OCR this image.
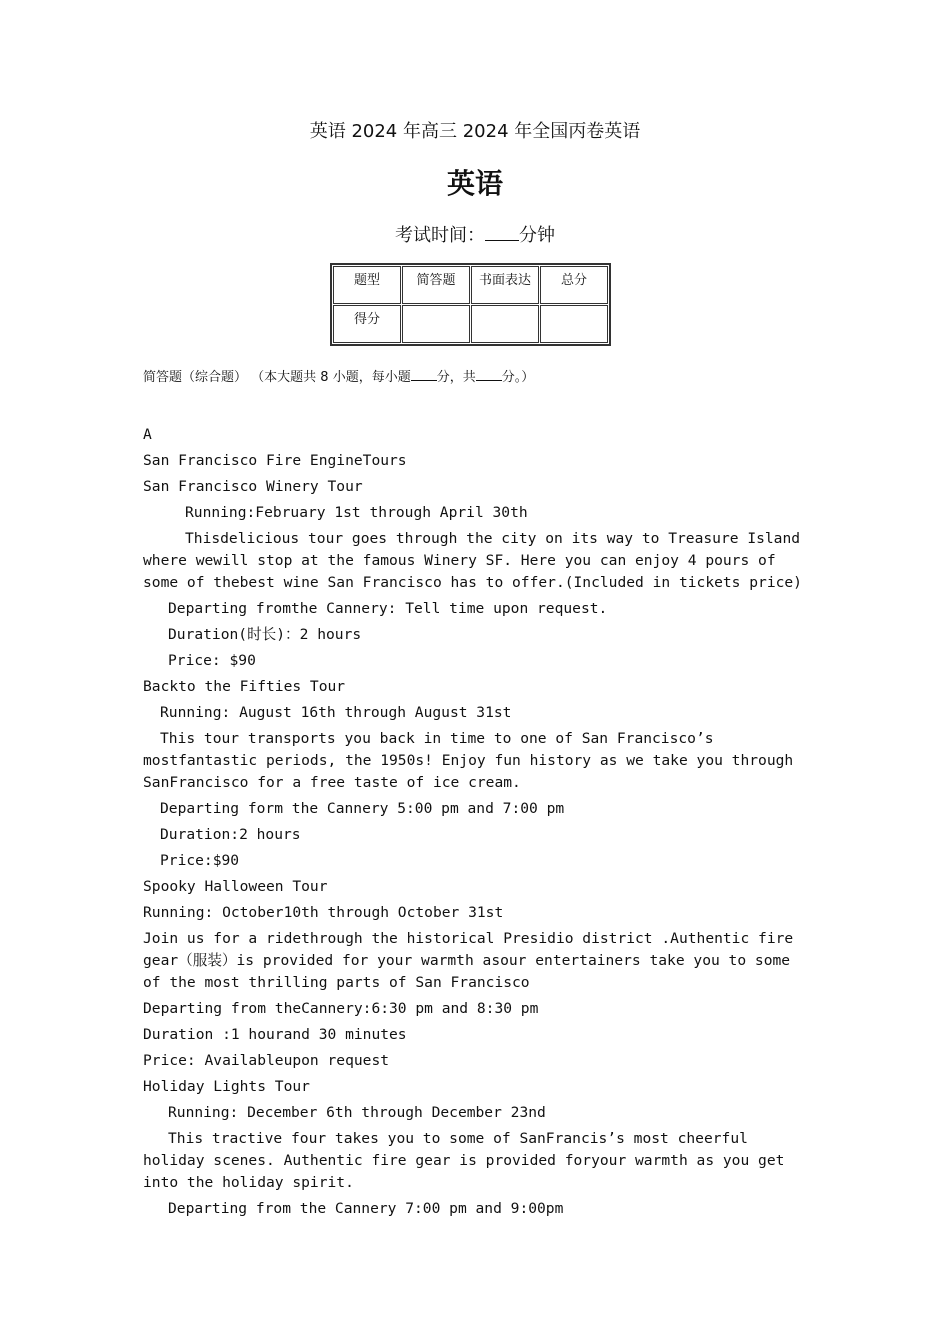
英语 2024 年高三 2024 年全国丙卷英语
英语
考试时间： 分钟
题型	简答题	书面表达	总分
得分			
简答题（综合题） （本大题共 8 小题，每小题 分，共 分。）
A
San Francisco Fire EngineTours
San Francisco Winery Tour
Running:February 1st through April 30th
Thisdelicious tour goes through the city on its way to Treasure Island where wewill stop at the famous Winery SF. Here you can enjoy 4 pours of some of thebest wine San Francisco has to offer.(Included in tickets price)
Departing fromthe Cannery: Tell time upon request.
Duration(时长)：2 hours
Price: $90
Backto the Fifties Tour
Running: August 16th through August 31st
This tour transports you back in time to one of San Francisco’s mostfantastic periods, the 1950s! Enjoy fun history as we take you through SanFrancisco for a free taste of ice cream.
Departing form the Cannery 5:00 pm and 7:00 pm
Duration:2 hours
Price:$90
Spooky Halloween Tour
Running: October10th through October 31st
Join us for a ridethrough the historical Presidio district .Authentic fire gear（服装）is provided for your warmth asour entertainers take you to some of the most thrilling parts of San Francisco
Departing from theCannery:6:30 pm and 8:30 pm
Duration :1 hourand 30 minutes
Price: Availableupon request
Holiday Lights Tour
Running: December 6th through December 23nd
This tractive four takes you to some of SanFrancis’s most cheerful holiday scenes. Authentic fire gear is provided foryour warmth as you get into the holiday spirit.
Departing from the Cannery 7:00 pm and 9:00pm
